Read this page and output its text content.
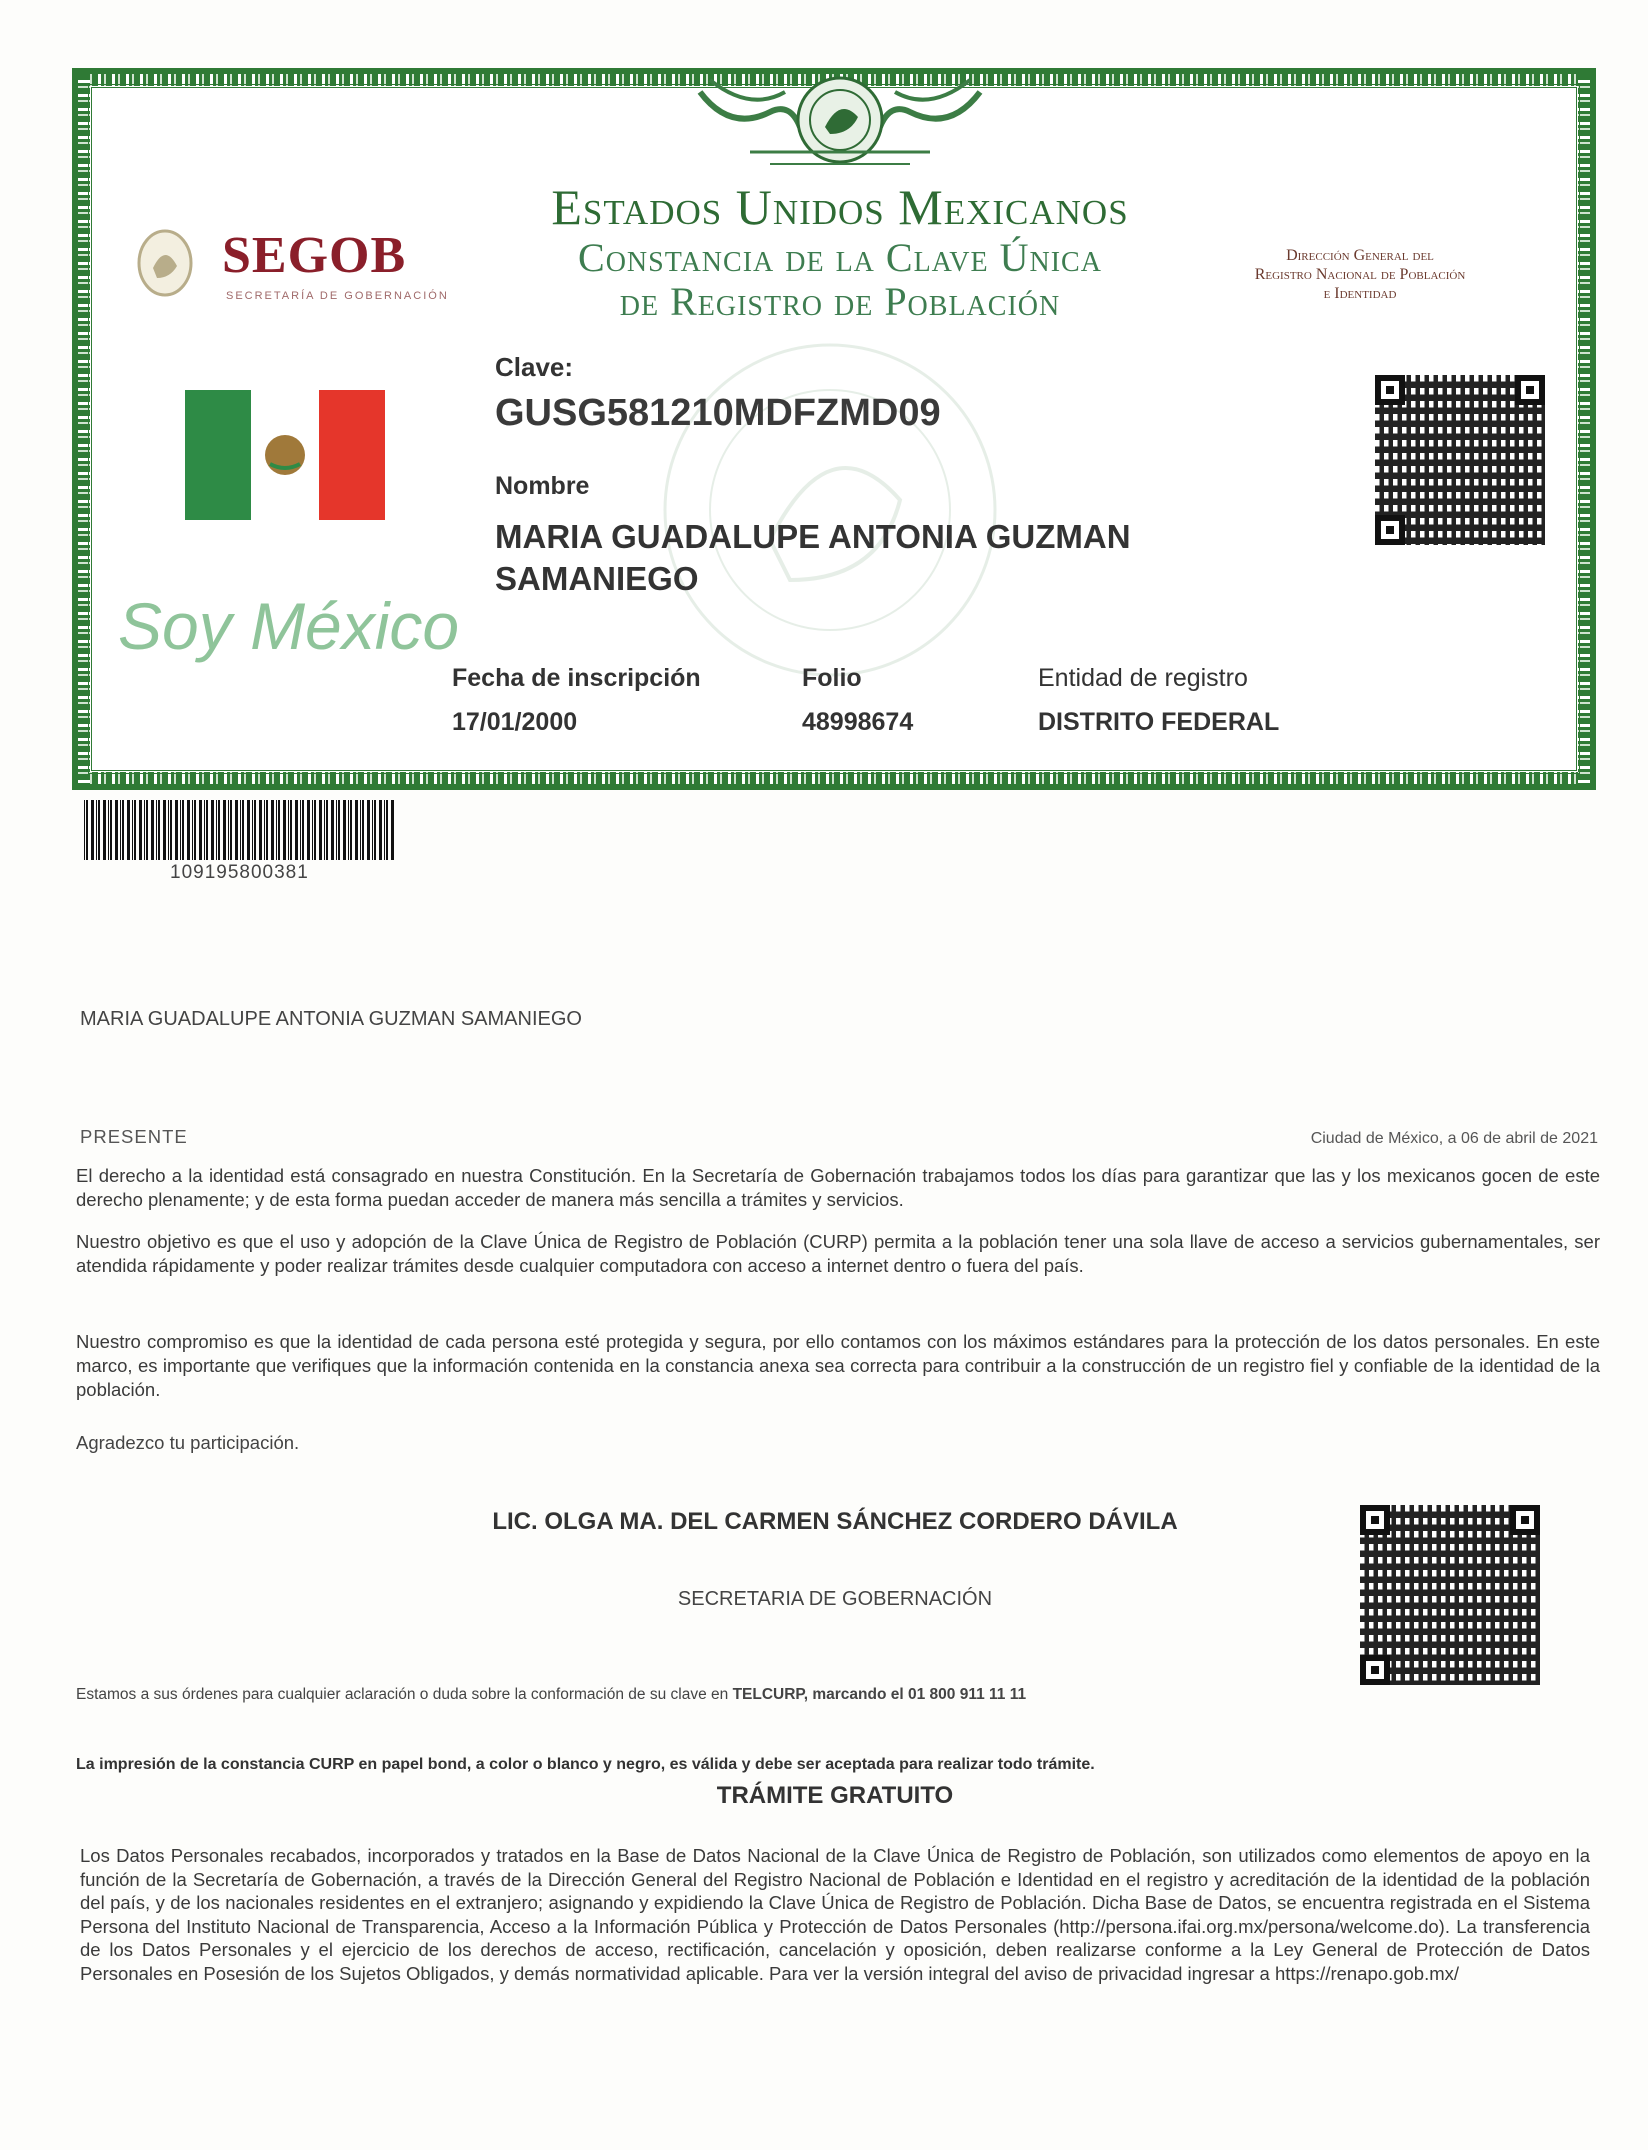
SEGOB
SECRETARÍA DE GOBERNACIÓN
Estados Unidos Mexicanos
Constancia de la Clave Única
de Registro de Población
Dirección General del
Registro Nacional de Población
e Identidad
Clave:
GUSG581210MDFZMD09
Nombre
MARIA GUADALUPE ANTONIA GUZMAN
SAMANIEGO
Soy México
Fecha de inscripción
17/01/2000
Folio
48998674
Entidad de registro
DISTRITO FEDERAL
109195800381
MARIA GUADALUPE ANTONIA GUZMAN SAMANIEGO
PRESENTE	Ciudad de México, a 06 de abril de 2021
El derecho a la identidad está consagrado en nuestra Constitución. En la Secretaría de Gobernación trabajamos todos los días para garantizar que las y los mexicanos gocen de este derecho plenamente; y de esta forma puedan acceder de manera más sencilla a trámites y servicios.
Nuestro objetivo es que el uso y adopción de la Clave Única de Registro de Población (CURP) permita a la población tener una sola llave de acceso a servicios gubernamentales, ser atendida rápidamente y poder realizar trámites desde cualquier computadora con acceso a internet dentro o fuera del país.
Nuestro compromiso es que la identidad de cada persona esté protegida y segura, por ello contamos con los máximos estándares para la protección de los datos personales. En este marco, es importante que verifiques que la información contenida en la constancia anexa sea correcta para contribuir a la construcción de un registro fiel y confiable de la identidad de la población.
Agradezco tu participación.
LIC. OLGA MA. DEL CARMEN SÁNCHEZ CORDERO DÁVILA
SECRETARIA DE GOBERNACIÓN
Estamos a sus órdenes para cualquier aclaración o duda sobre la conformación de su clave en TELCURP, marcando el 01 800 911 11 11
La impresión de la constancia CURP en papel bond, a color o blanco y negro, es válida y debe ser aceptada para realizar todo trámite.
TRÁMITE GRATUITO
Los Datos Personales recabados, incorporados y tratados en la Base de Datos Nacional de la Clave Única de Registro de Población, son utilizados como elementos de apoyo en la función de la Secretaría de Gobernación, a través de la Dirección General del Registro Nacional de Población e Identidad en el registro y acreditación de la identidad de la población del país, y de los nacionales residentes en el extranjero; asignando y expidiendo la Clave Única de Registro de Población. Dicha Base de Datos, se encuentra registrada en el Sistema Persona del Instituto Nacional de Transparencia, Acceso a la Información Pública y Protección de Datos Personales (http://persona.ifai.org.mx/persona/welcome.do). La transferencia de los Datos Personales y el ejercicio de los derechos de acceso, rectificación, cancelación y oposición, deben realizarse conforme a la Ley General de Protección de Datos Personales en Posesión de los Sujetos Obligados, y demás normatividad aplicable. Para ver la versión integral del aviso de privacidad ingresar a https://renapo.gob.mx/
